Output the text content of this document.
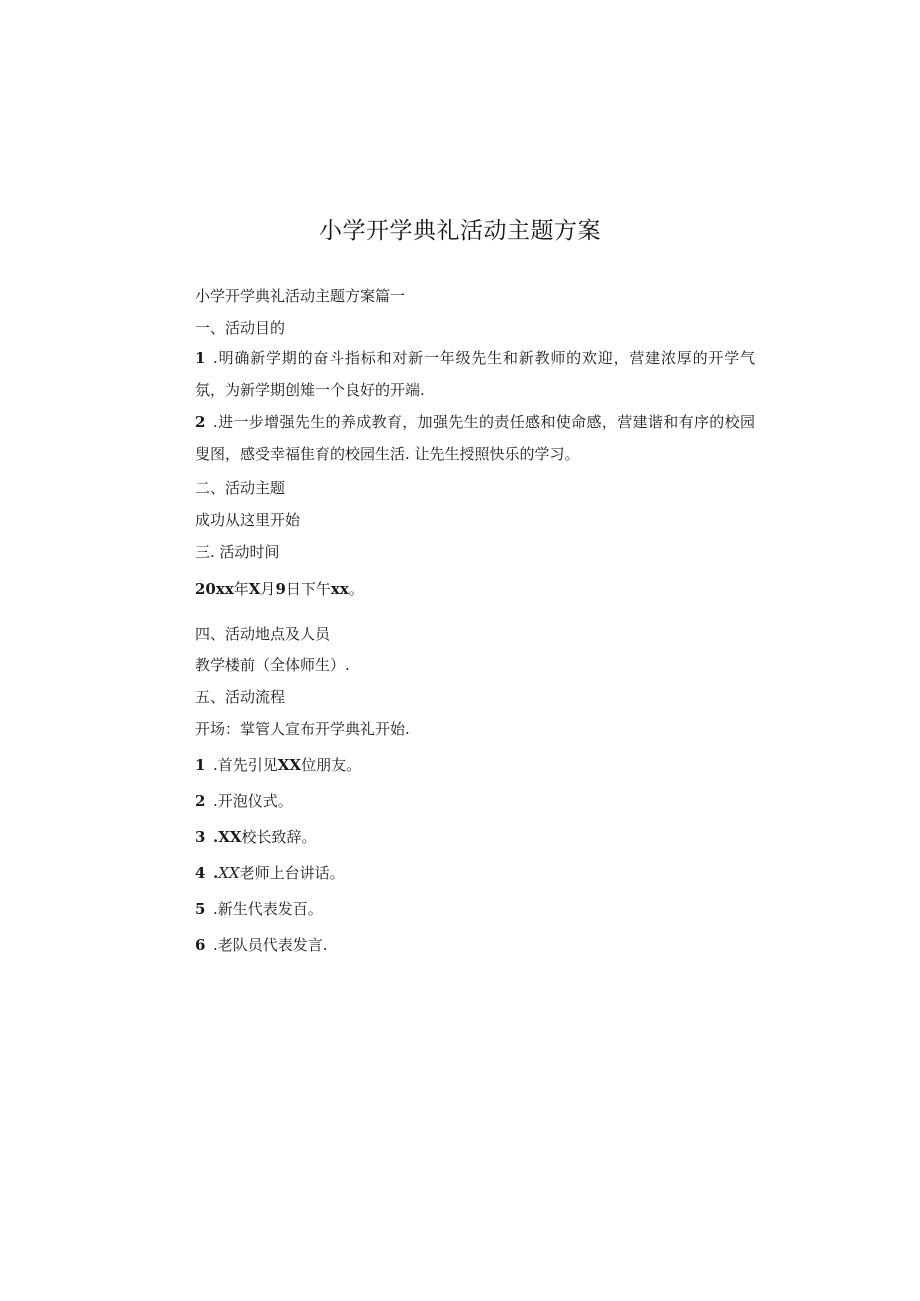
小学开学典礼活动主题方案
小学开学典礼活动主题方案篇一
一、活动目的
1 .明确新学期的奋斗指标和对新一年级先生和新教师的欢迎，营建浓厚的开学气氛，为新学期创雉一个良好的开端.
2 .进一步增强先生的养成教育，加强先生的责任感和使命感，营建谐和有序的校园叟图，感受幸福隹育的校园生活. 让先生授照快乐的学习。
二、活动主题
成功从这里开始
三. 活动时间
20xx年X月9日下午xx。
四、活动地点及人员
教学楼前（全体师生）.
五、活动流程
开场：掌管人宣布开学典礼开始.
1 .首先引见XX位朋友。
2 .开泡仪式。
3 .XX校长致辞。
4 .XX老师上台讲话。
5 .新生代表发百。
6 .老队员代表发言.
